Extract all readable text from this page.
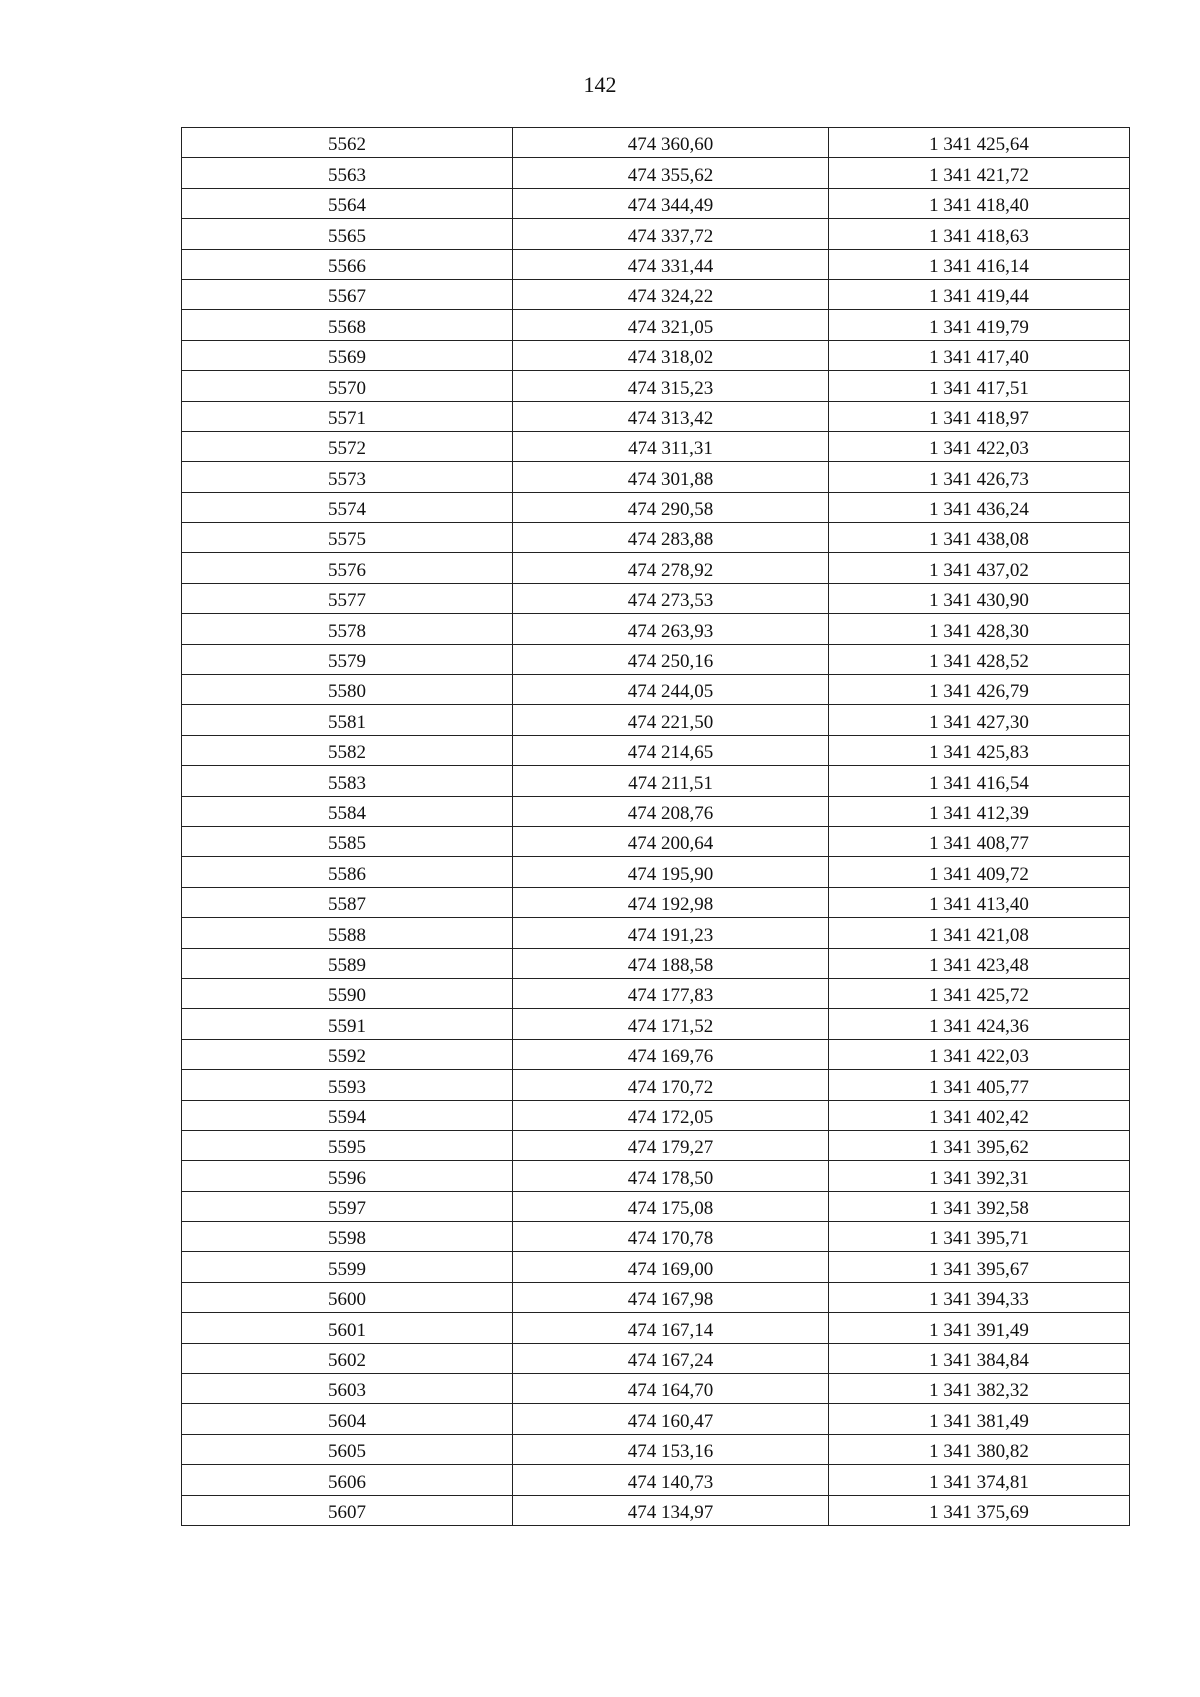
142
5562	474 360,60	1 341 425,64
5563	474 355,62	1 341 421,72
5564	474 344,49	1 341 418,40
5565	474 337,72	1 341 418,63
5566	474 331,44	1 341 416,14
5567	474 324,22	1 341 419,44
5568	474 321,05	1 341 419,79
5569	474 318,02	1 341 417,40
5570	474 315,23	1 341 417,51
5571	474 313,42	1 341 418,97
5572	474 311,31	1 341 422,03
5573	474 301,88	1 341 426,73
5574	474 290,58	1 341 436,24
5575	474 283,88	1 341 438,08
5576	474 278,92	1 341 437,02
5577	474 273,53	1 341 430,90
5578	474 263,93	1 341 428,30
5579	474 250,16	1 341 428,52
5580	474 244,05	1 341 426,79
5581	474 221,50	1 341 427,30
5582	474 214,65	1 341 425,83
5583	474 211,51	1 341 416,54
5584	474 208,76	1 341 412,39
5585	474 200,64	1 341 408,77
5586	474 195,90	1 341 409,72
5587	474 192,98	1 341 413,40
5588	474 191,23	1 341 421,08
5589	474 188,58	1 341 423,48
5590	474 177,83	1 341 425,72
5591	474 171,52	1 341 424,36
5592	474 169,76	1 341 422,03
5593	474 170,72	1 341 405,77
5594	474 172,05	1 341 402,42
5595	474 179,27	1 341 395,62
5596	474 178,50	1 341 392,31
5597	474 175,08	1 341 392,58
5598	474 170,78	1 341 395,71
5599	474 169,00	1 341 395,67
5600	474 167,98	1 341 394,33
5601	474 167,14	1 341 391,49
5602	474 167,24	1 341 384,84
5603	474 164,70	1 341 382,32
5604	474 160,47	1 341 381,49
5605	474 153,16	1 341 380,82
5606	474 140,73	1 341 374,81
5607	474 134,97	1 341 375,69
